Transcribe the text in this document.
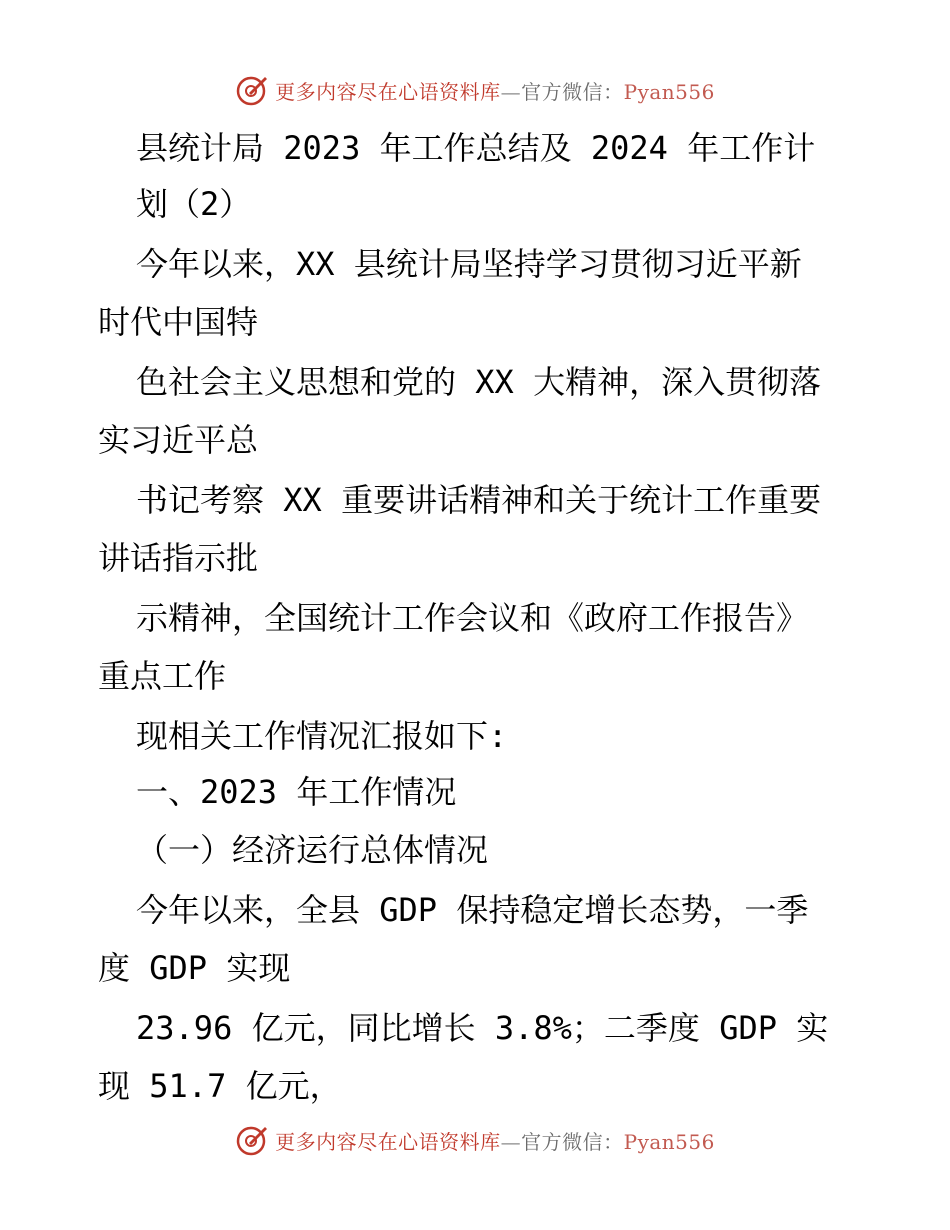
更多内容尽在心语资料库—官方微信：Pyan556
县统计局 2023 年工作总结及 2024 年工作计
划（2）
今年以来，XX 县统计局坚持学习贯彻习近平新
时代中国特
色社会主义思想和党的 XX 大精神，深入贯彻落
实习近平总
书记考察 XX 重要讲话精神和关于统计工作重要
讲话指示批
示精神，全国统计工作会议和《政府工作报告》
重点工作
现相关工作情况汇报如下:
一、2023 年工作情况
（一）经济运行总体情况
今年以来，全县 GDP 保持稳定增长态势，一季
度 GDP 实现
23.96 亿元，同比增长 3.8%；二季度 GDP 实
现 51.7 亿元，
更多内容尽在心语资料库—官方微信：Pyan556
